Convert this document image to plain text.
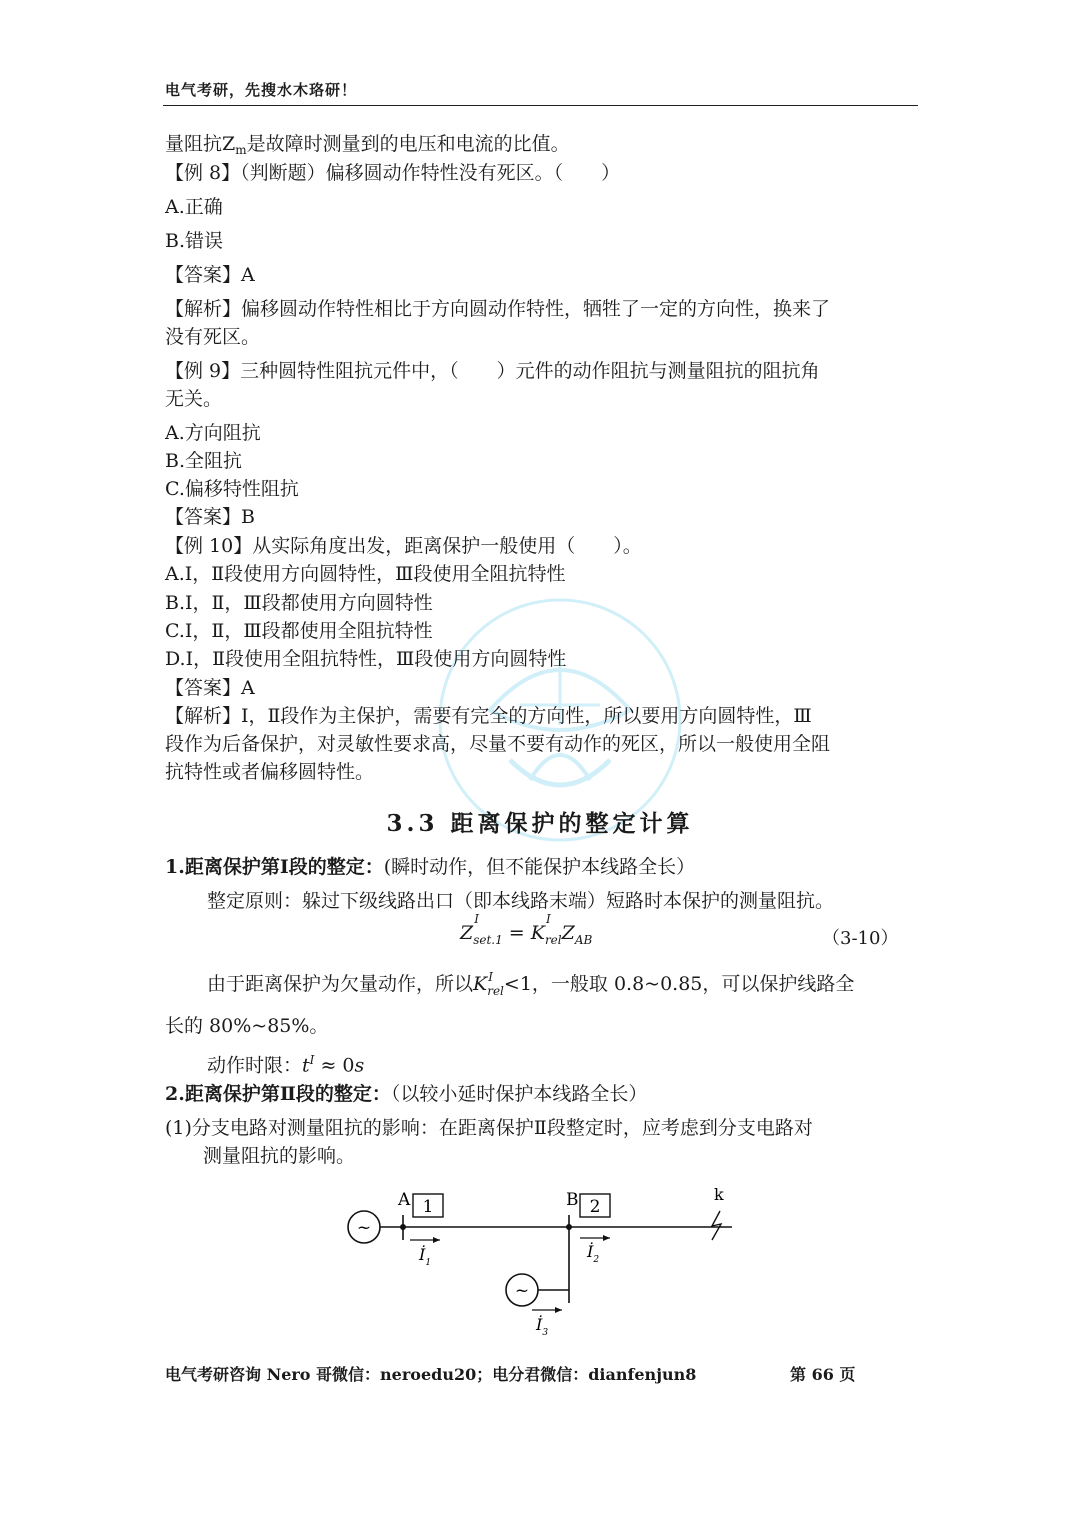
电气考研，先搜水木珞研！
量阻抗$Z_m$是故障时测量到的电压和电流的比值。
【例 8】（判断题）偏移圆动作特性没有死区。（　　）
A.正确
B.错误
【答案】A
【解析】偏移圆动作特性相比于方向圆动作特性，牺牲了一定的方向性，换来了
没有死区。
【例 9】三种圆特性阻抗元件中，（　　）元件的动作阻抗与测量阻抗的阻抗角
无关。
A.方向阻抗
B.全阻抗
C.偏移特性阻抗
【答案】B
【例 10】从实际角度出发，距离保护一般使用（　　）。
A.Ⅰ，Ⅱ段使用方向圆特性，Ⅲ段使用全阻抗特性
B.Ⅰ，Ⅱ，Ⅲ段都使用方向圆特性
C.Ⅰ，Ⅱ，Ⅲ段都使用全阻抗特性
D.Ⅰ，Ⅱ段使用全阻抗特性，Ⅲ段使用方向圆特性
【答案】A
【解析】Ⅰ，Ⅱ段作为主保护，需要有完全的方向性，所以要用方向圆特性，Ⅲ
段作为后备保护，对灵敏性要求高，尽量不要有动作的死区，所以一般使用全阻
抗特性或者偏移圆特性。
3.3 距离保护的整定计算
1.距离保护第Ⅰ段的整定：(瞬时动作，但不能保护本线路全长）
整定原则：躲过下级线路出口（即本线路末端）短路时本保护的测量阻抗。
Z
I
$_{set.1}$ = K
I
$_{rel}Z_{AB}$	（3-10）
由于距离保护为欠量动作，所以K I
$_{rel}$<1，一般取 0.8~0.85，可以保护线路全
长的 80%~85%。
动作时限：$t^I \approx 0s$
2.距离保护第Ⅱ段的整定：（以较小延时保护本线路全长）
(1)分支电路对测量阻抗的影响：在距离保护Ⅱ段整定时，应考虑到分支电路对
测量阻抗的影响。
~
A 1
$İ_1$
B 2
$İ_2$
k
~
$İ_3$
电气考研咨询 Nero 哥微信：neroedu20；电分君微信：dianfenjun8	第 66 页
